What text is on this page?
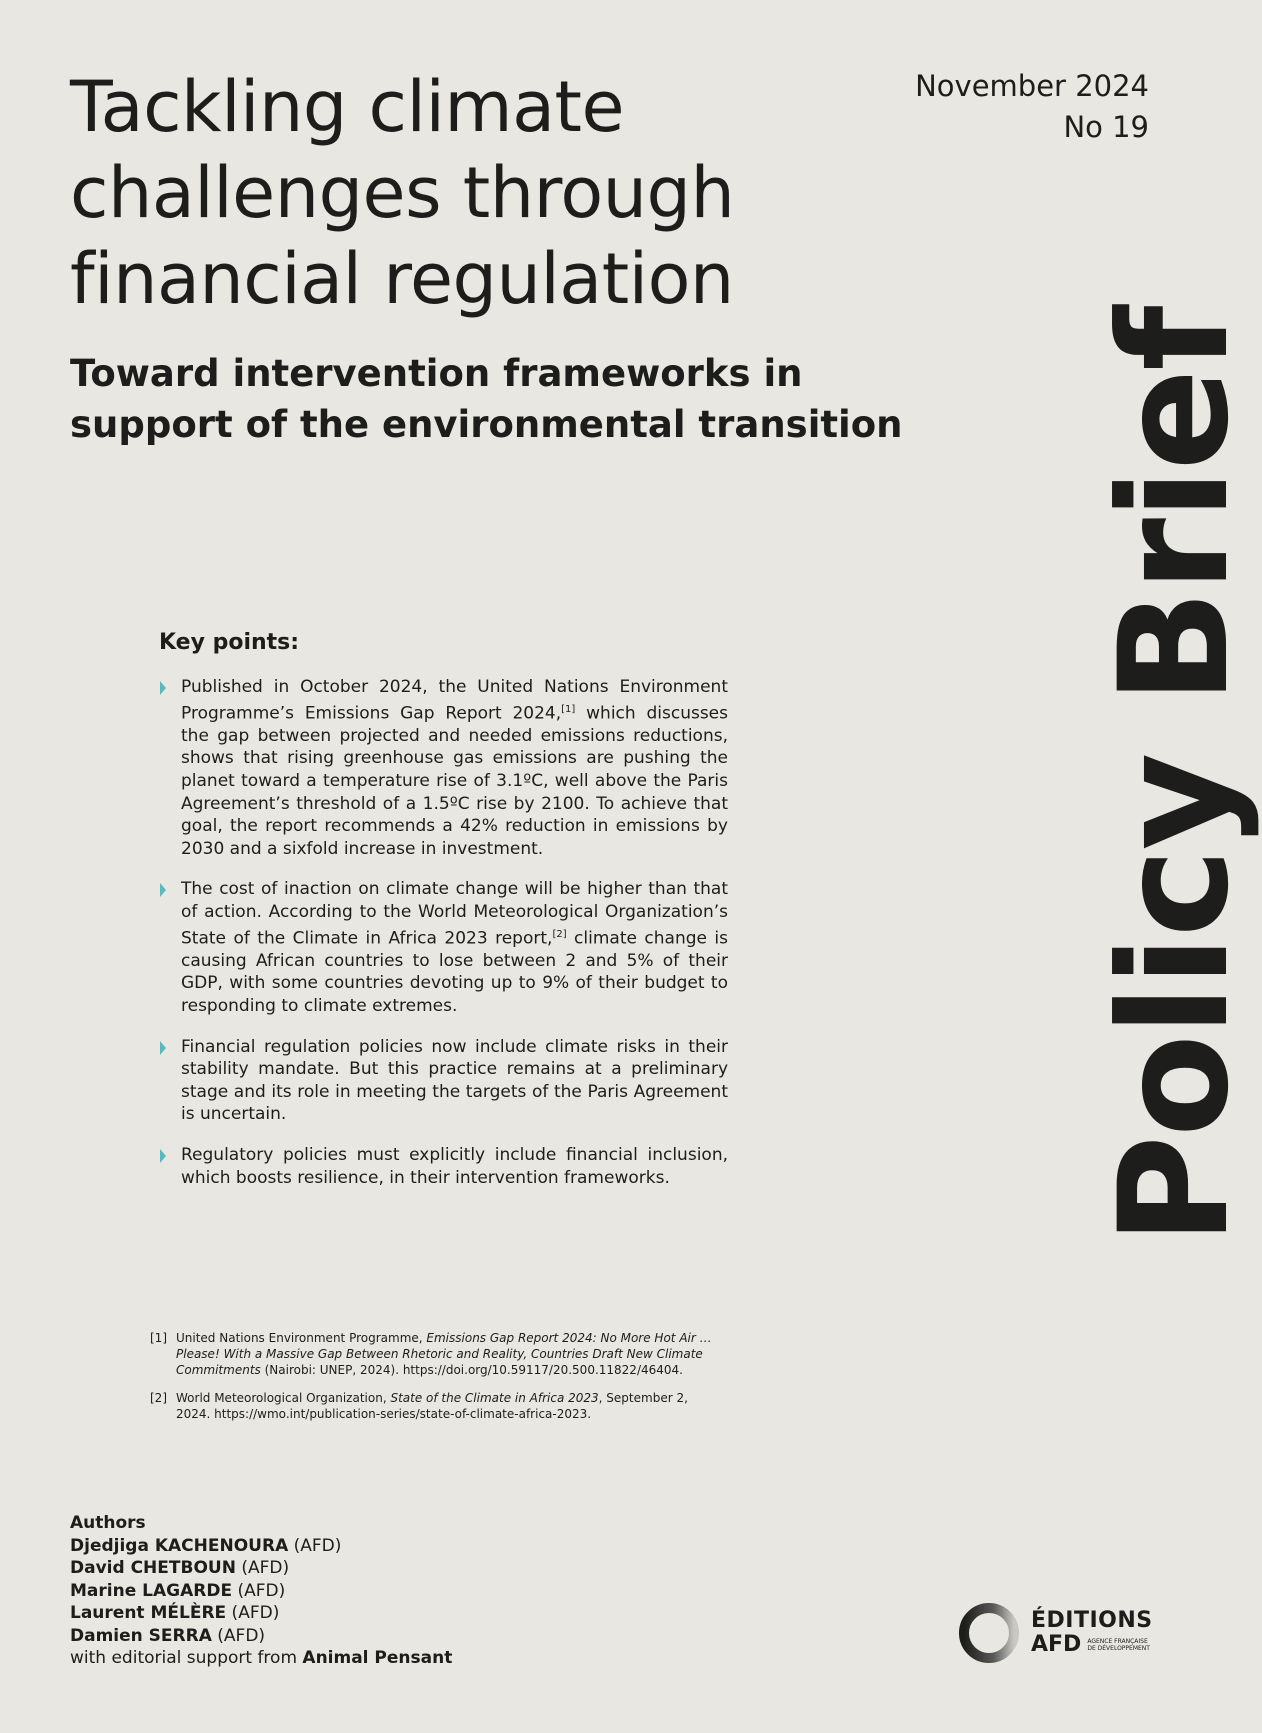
Tackling climate
challenges through
financial regulation
Toward intervention frameworks in
support of the environmental transition
November 2024
No 19
Policy Brief
Key points:
Published in October 2024, the United Nations Environment Programme’s Emissions Gap Report 2024,[1] which discusses the gap between projected and needed emissions reductions, shows that rising greenhouse gas emissions are pushing the planet toward a temperature rise of 3.1ºC, well above the Paris Agreement’s threshold of a 1.5ºC rise by 2100. To achieve that goal, the report recommends a 42% reduction in emissions by 2030 and a sixfold increase in investment.
The cost of inaction on climate change will be higher than that of action. According to the World Meteorological Organization’s State of the Climate in Africa 2023 report,[2] climate change is causing African countries to lose between 2 and 5% of their GDP, with some countries devoting up to 9% of their budget to responding to climate extremes.
Financial regulation policies now include climate risks in their stability mandate. But this practice remains at a preliminary stage and its role in meeting the targets of the Paris Agreement is uncertain.
Regulatory policies must explicitly include financial inclusion, which boosts resilience, in their intervention frameworks.
[1] United Nations Environment Programme, Emissions Gap Report 2024: No More Hot Air … Please! With a Massive Gap Between Rhetoric and Reality, Countries Draft New Climate Commitments (Nairobi: UNEP, 2024). https://doi.org/10.59117/20.500.11822/46404.
[2] World Meteorological Organization, State of the Climate in Africa 2023, September 2, 2024. https://wmo.int/publication-series/state-of-climate-africa-2023.
Authors
Djedjiga KACHENOURA (AFD)
David CHETBOUN (AFD)
Marine LAGARDE (AFD)
Laurent MÉLÈRE (AFD)
Damien SERRA (AFD)
with editorial support from Animal Pensant
ÉDITIONS
AFD AGENCE FRANÇAISE
DE DÉVELOPPEMENT
